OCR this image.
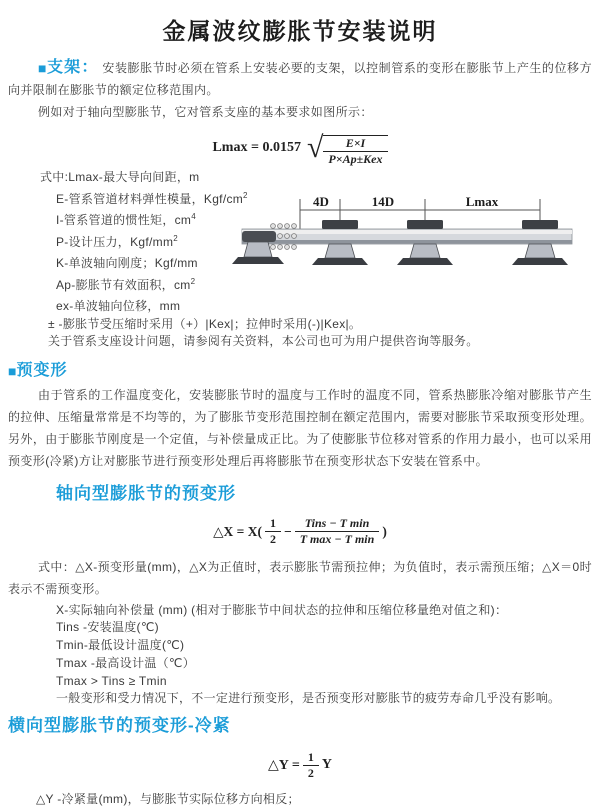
金属波纹膨胀节安装说明

■支架： 安装膨胀节时必须在管系上安装必要的支架，以控制管系的变形在膨胀节上产生的位移方向并限制在膨胀节的额定位移范围内。

例如对于轴向型膨胀节，它对管系支座的基本要求如图所示：

Lmax = 0.0157 √ $\frac{E\times I}{\text{P×Ap±Kex}}$
式中:Lmax-最大导向间距，m
E-管系管道材料弹性模量，Kgf/$cm^2$
I-管系管道的惯性矩，$cm^4$
P-设计压力，Kgf/$mm^2$
K-单波轴向刚度；Kgf/mm
Ap-膨胀节有效面积，$cm^2$
ex-单波轴向位移，mm
± -膨胀节受压缩时采用（+）|Kex|；拉伸时采用(-)|Kex|。
关于管系支座设计问题，请参阅有关资料，本公司也可为用户提供咨询等服务。
4D	14D	Lmax
■预变形

由于管系的工作温度变化，安装膨胀节时的温度与工作时的温度不同，管系热膨胀冷缩对膨胀节产生的拉伸、压缩量常常是不均等的，为了膨胀节变形范围控制在额定范围内，需要对膨胀节采取预变形处理。另外，由于膨胀节刚度是一个定值，与补偿量成正比。为了使膨胀节位移对管系的作用力最小，也可以采用预变形(冷紧)方让对膨胀节进行预变形处理后再将膨胀节在预变形状态下安装在管系中。

轴向型膨胀节的预变形
△X = $X( \frac{1}{2} - \frac{\text{Tins − T min}}{\text{T max − T min}}$ )

式中：△X-预变形量(mm)，△X为正值时，表示膨胀节需预拉伸；为负值时，表示需预压缩；△X＝0时表示不需预变形。

X-实际轴向补偿量 (mm) (相对于膨胀节中间状态的拉伸和压缩位移量绝对值之和)：
Tins -安装温度(℃)
Tmin-最低设计温度(℃)
Tmax -最高设计温（℃）
Tmax > Tins ≥ Tmin
一般变形和受力情况下，不一定进行预变形，是否预变形对膨胀节的疲劳寿命几乎没有影响。
横向型膨胀节的预变形-冷紧
△Y = $\frac{1}{2}$ Y
△Y -冷紧量(mm)，与膨胀节实际位移方向相反；
